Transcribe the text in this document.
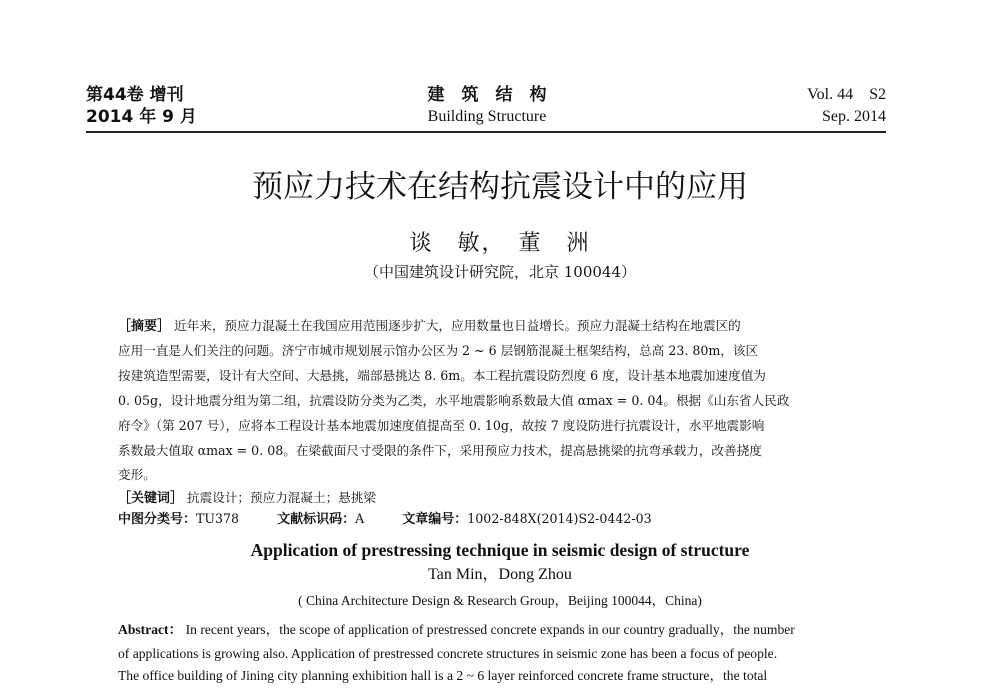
第44卷 增刊
2014 年 9 月
建　筑　结　构
Building Structure
Vol. 44　S2
Sep. 2014
预应力技术在结构抗震设计中的应用
谈　敏，　董　洲
（中国建筑设计研究院，北京 100044）
［摘要］ 近年来，预应力混凝土在我国应用范围逐步扩大，应用数量也日益增长。预应力混凝土结构在地震区的
应用一直是人们关注的问题。济宁市城市规划展示馆办公区为 2 ~ 6 层钢筋混凝土框架结构，总高 23. 80m，该区
按建筑造型需要，设计有大空间、大悬挑，端部悬挑达 8. 6m。本工程抗震设防烈度 6 度，设计基本地震加速度值为
0. 05g，设计地震分组为第二组，抗震设防分类为乙类，水平地震影响系数最大值 αmax = 0. 04。根据《山东省人民政
府令》（第 207 号），应将本工程设计基本地震加速度值提高至 0. 10g，故按 7 度设防进行抗震设计，水平地震影响
系数最大值取 αmax = 0. 08。在梁截面尺寸受限的条件下，采用预应力技术，提高悬挑梁的抗弯承载力，改善挠度
变形。
［关键词］ 抗震设计；预应力混凝土；悬挑梁
中图分类号：TU378	文献标识码：A	文章编号：1002-848X(2014)S2-0442-03
Application of prestressing technique in seismic design of structure
Tan Min，Dong Zhou
( China Architecture Design & Research Group，Beijing 100044，China)
Abstract： In recent years，the scope of application of prestressed concrete expands in our country gradually，the number
of applications is growing also. Application of prestressed concrete structures in seismic zone has been a focus of people.
The office building of Jining city planning exhibition hall is a 2 ~ 6 layer reinforced concrete frame structure，the total
